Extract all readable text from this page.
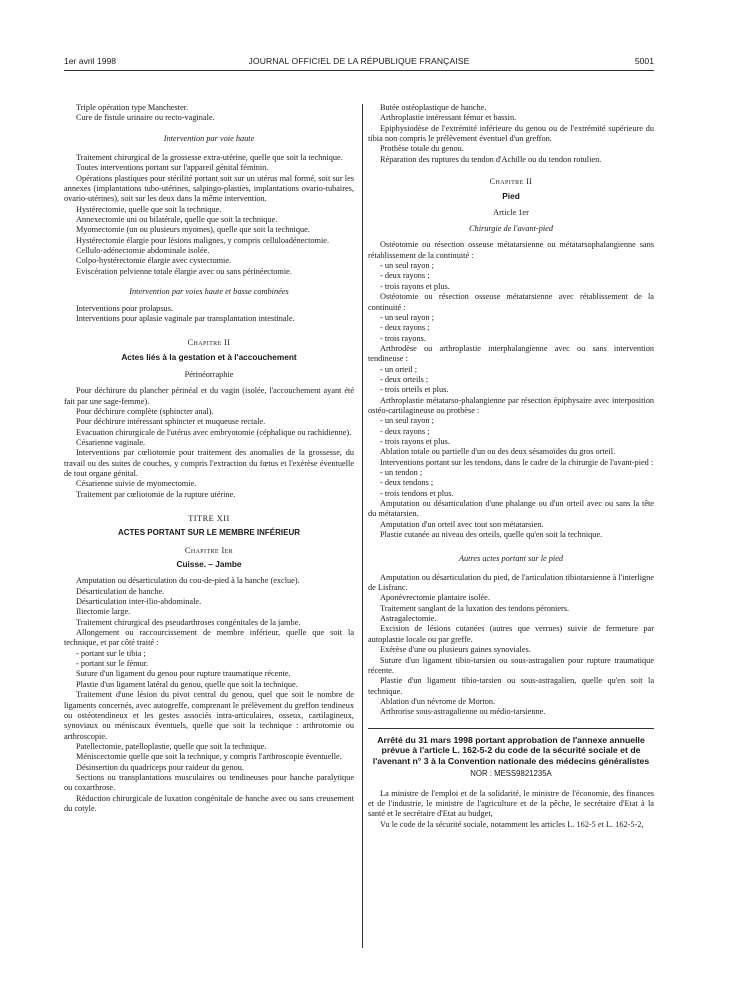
1er avril 1998	JOURNAL OFFICIEL DE LA RÉPUBLIQUE FRANÇAISE	5001

Triple opération type Manchester.

Cure de fistule urinaire ou recto-vaginale.

Intervention par voie haute

Traitement chirurgical de la grossesse extra-utérine, quelle que soit la technique.

Toutes interventions portant sur l'appareil génital féminin.

Opérations plastiques pour stérilité portant soit sur un utérus mal formé, soit sur les annexes (implantations tubo-utérines, salpingo-plasties, implantations ovario-tubaires, ovario-utérines), soit sur les deux dans la même intervention.

Hystérectomie, quelle que soit la technique.

Annexectomie uni ou bilatérale, quelle que soit la technique.

Myomectomie (un ou plusieurs myomes), quelle que soit la technique.

Hystérectomie élargie pour lésions malignes, y compris celluloadénectomie.

Cellulo-adénectomie abdominale isolée.

Colpo-hystérectomie élargie avec cystectomie.

Eviscération pelvienne totale élargie avec ou sans périnéectomie.

Intervention par voies haute et basse combinées

Interventions pour prolapsus.

Interventions pour aplasie vaginale par transplantation intestinale.

Chapitre II

Actes liés à la gestation et à l'accouchement

Périnéorraphie

Pour déchirure du plancher périnéal et du vagin (isolée, l'accouchement ayant été fait par une sage-femme).

Pour déchirure complète (sphincter anal).

Pour déchirure intéressant sphincter et muqueuse rectale.

Evacuation chirurgicale de l'utérus avec embryotomie (céphalique ou rachidienne).

Césarienne vaginale.

Interventions par cœliotomie pour traitement des anomalies de la grossesse, du travail ou des suites de couches, y compris l'extraction du fœtus et l'exérèse éventuelle de tout organe génital.

Césarienne suivie de myomectomie.

Traitement par cœliotomie de la rupture utérine.

TITRE XII

ACTES PORTANT SUR LE MEMBRE INFÉRIEUR

Chapitre Ier

Cuisse. – Jambe

Amputation ou désarticulation du cou-de-pied à la hanche (exclue).

Désarticulation de hanche.

Désarticulation inter-ilio-abdominale.

Iliectomie large.

Traitement chirurgical des pseudarthroses congénitales de la jambe.

Allongement ou raccourcissement de membre inférieur, quelle que soit la technique, et par côté traité :

- portant sur le tibia ;

- portant sur le fémur.

Suture d'un ligament du genou pour rupture traumatique récente.

Plastie d'un ligament latéral du genou, quelle que soit la technique.

Traitement d'une lésion du pivot central du genou, quel que soit le nombre de ligaments concernés, avec autogreffe, comprenant le prélèvement du greffon tendineux ou ostéotendineux et les gestes associés intra-articulaires, osseux, cartilagineux, synoviaux ou méniscaux éventuels, quelle que soit la technique : arthrotomie ou arthroscopie.

Patellectomie, patelloplastie, quelle que soit la technique.

Méniscectomie quelle que soit la technique, y compris l'arthroscopie éventuelle.

Désinsertion du quadriceps pour raideur du genou.

Sections ou transplantations musculaires ou tendineuses pour hanche paralytique ou coxarthrose.

Réduction chirurgicale de luxation congénitale de hanche avec ou sans creusement du cotyle.

Butée ostéoplastique de hanche.

Arthroplastie intéressant fémur et bassin.

Epiphysiodèse de l'extrémité inférieure du genou ou de l'extrémité supérieure du tibia non compris le prélèvement éventuel d'un greffon.

Prothèse totale du genou.

Réparation des ruptures du tendon d'Achille ou du tendon rotulien.

Chapitre II

Pied

Article 1er

Chirurgie de l'avant-pied

Ostéotomie ou résection osseuse métatarsienne ou métatarsophalangienne sans rétablissement de la continuité :

- un seul rayon ;

- deux rayons ;

- trois rayons et plus.

Ostéotomie ou résection osseuse métatarsienne avec rétablissement de la continuité :

- un seul rayon ;

- deux rayons ;

- trois rayons.

Arthrodèse ou arthroplastie interphalangienne avec ou sans intervention tendineuse :

- un orteil ;

- deux orteils ;

- trois orteils et plus.

Arthroplastie métatarso-phalangienne par résection épiphysaire avec interposition ostéo-cartilagineuse ou prothèse :

- un seul rayon ;

- deux rayons ;

- trois rayons et plus.

Ablation totale ou partielle d'un ou des deux sésamoïdes du gros orteil.

Interventions portant sur les tendons, dans le cadre de la chirurgie de l'avant-pied :

- un tendon ;

- deux tendons ;

- trois tendons et plus.

Amputation ou désarticulation d'une phalange ou d'un orteil avec ou sans la tête du métatarsien.

Amputation d'un orteil avec tout son métatarsien.

Plastie cutanée au niveau des orteils, quelle qu'en soit la technique.

Autres actes portant sur le pied

Amputation ou désarticulation du pied, de l'articulation tibiotarsienne à l'interligne de Lisfranc.

Aponévrectomie plantaire isolée.

Traitement sanglant de la luxation des tendons péroniers.

Astragalectomie.

Excision de lésions cutanées (autres que verrues) suivie de fermeture par autoplastie locale ou par greffe.

Exérèse d'une ou plusieurs gaines synoviales.

Suture d'un ligament tibio-tarsien ou sous-astragalien pour rupture traumatique récente.

Plastie d'un ligament tibio-tarsien ou sous-astragalien, quelle qu'en soit la technique.

Ablation d'un névrome de Morton.

Arthrorise sous-astragalienne ou médio-tarsienne.

Arrêté du 31 mars 1998 portant approbation de l'annexe annuelle prévue à l'article L. 162-5-2 du code de la sécurité sociale et de l'avenant n° 3 à la Convention nationale des médecins généralistes

NOR : MESS9821235A

La ministre de l'emploi et de la solidarité, le ministre de l'économie, des finances et de l'industrie, le ministre de l'agriculture et de la pêche, le secrétaire d'Etat à la santé et le secrétaire d'Etat au budget,

Vu le code de la sécurité sociale, notamment les articles L. 162-5 et L. 162-5-2,
